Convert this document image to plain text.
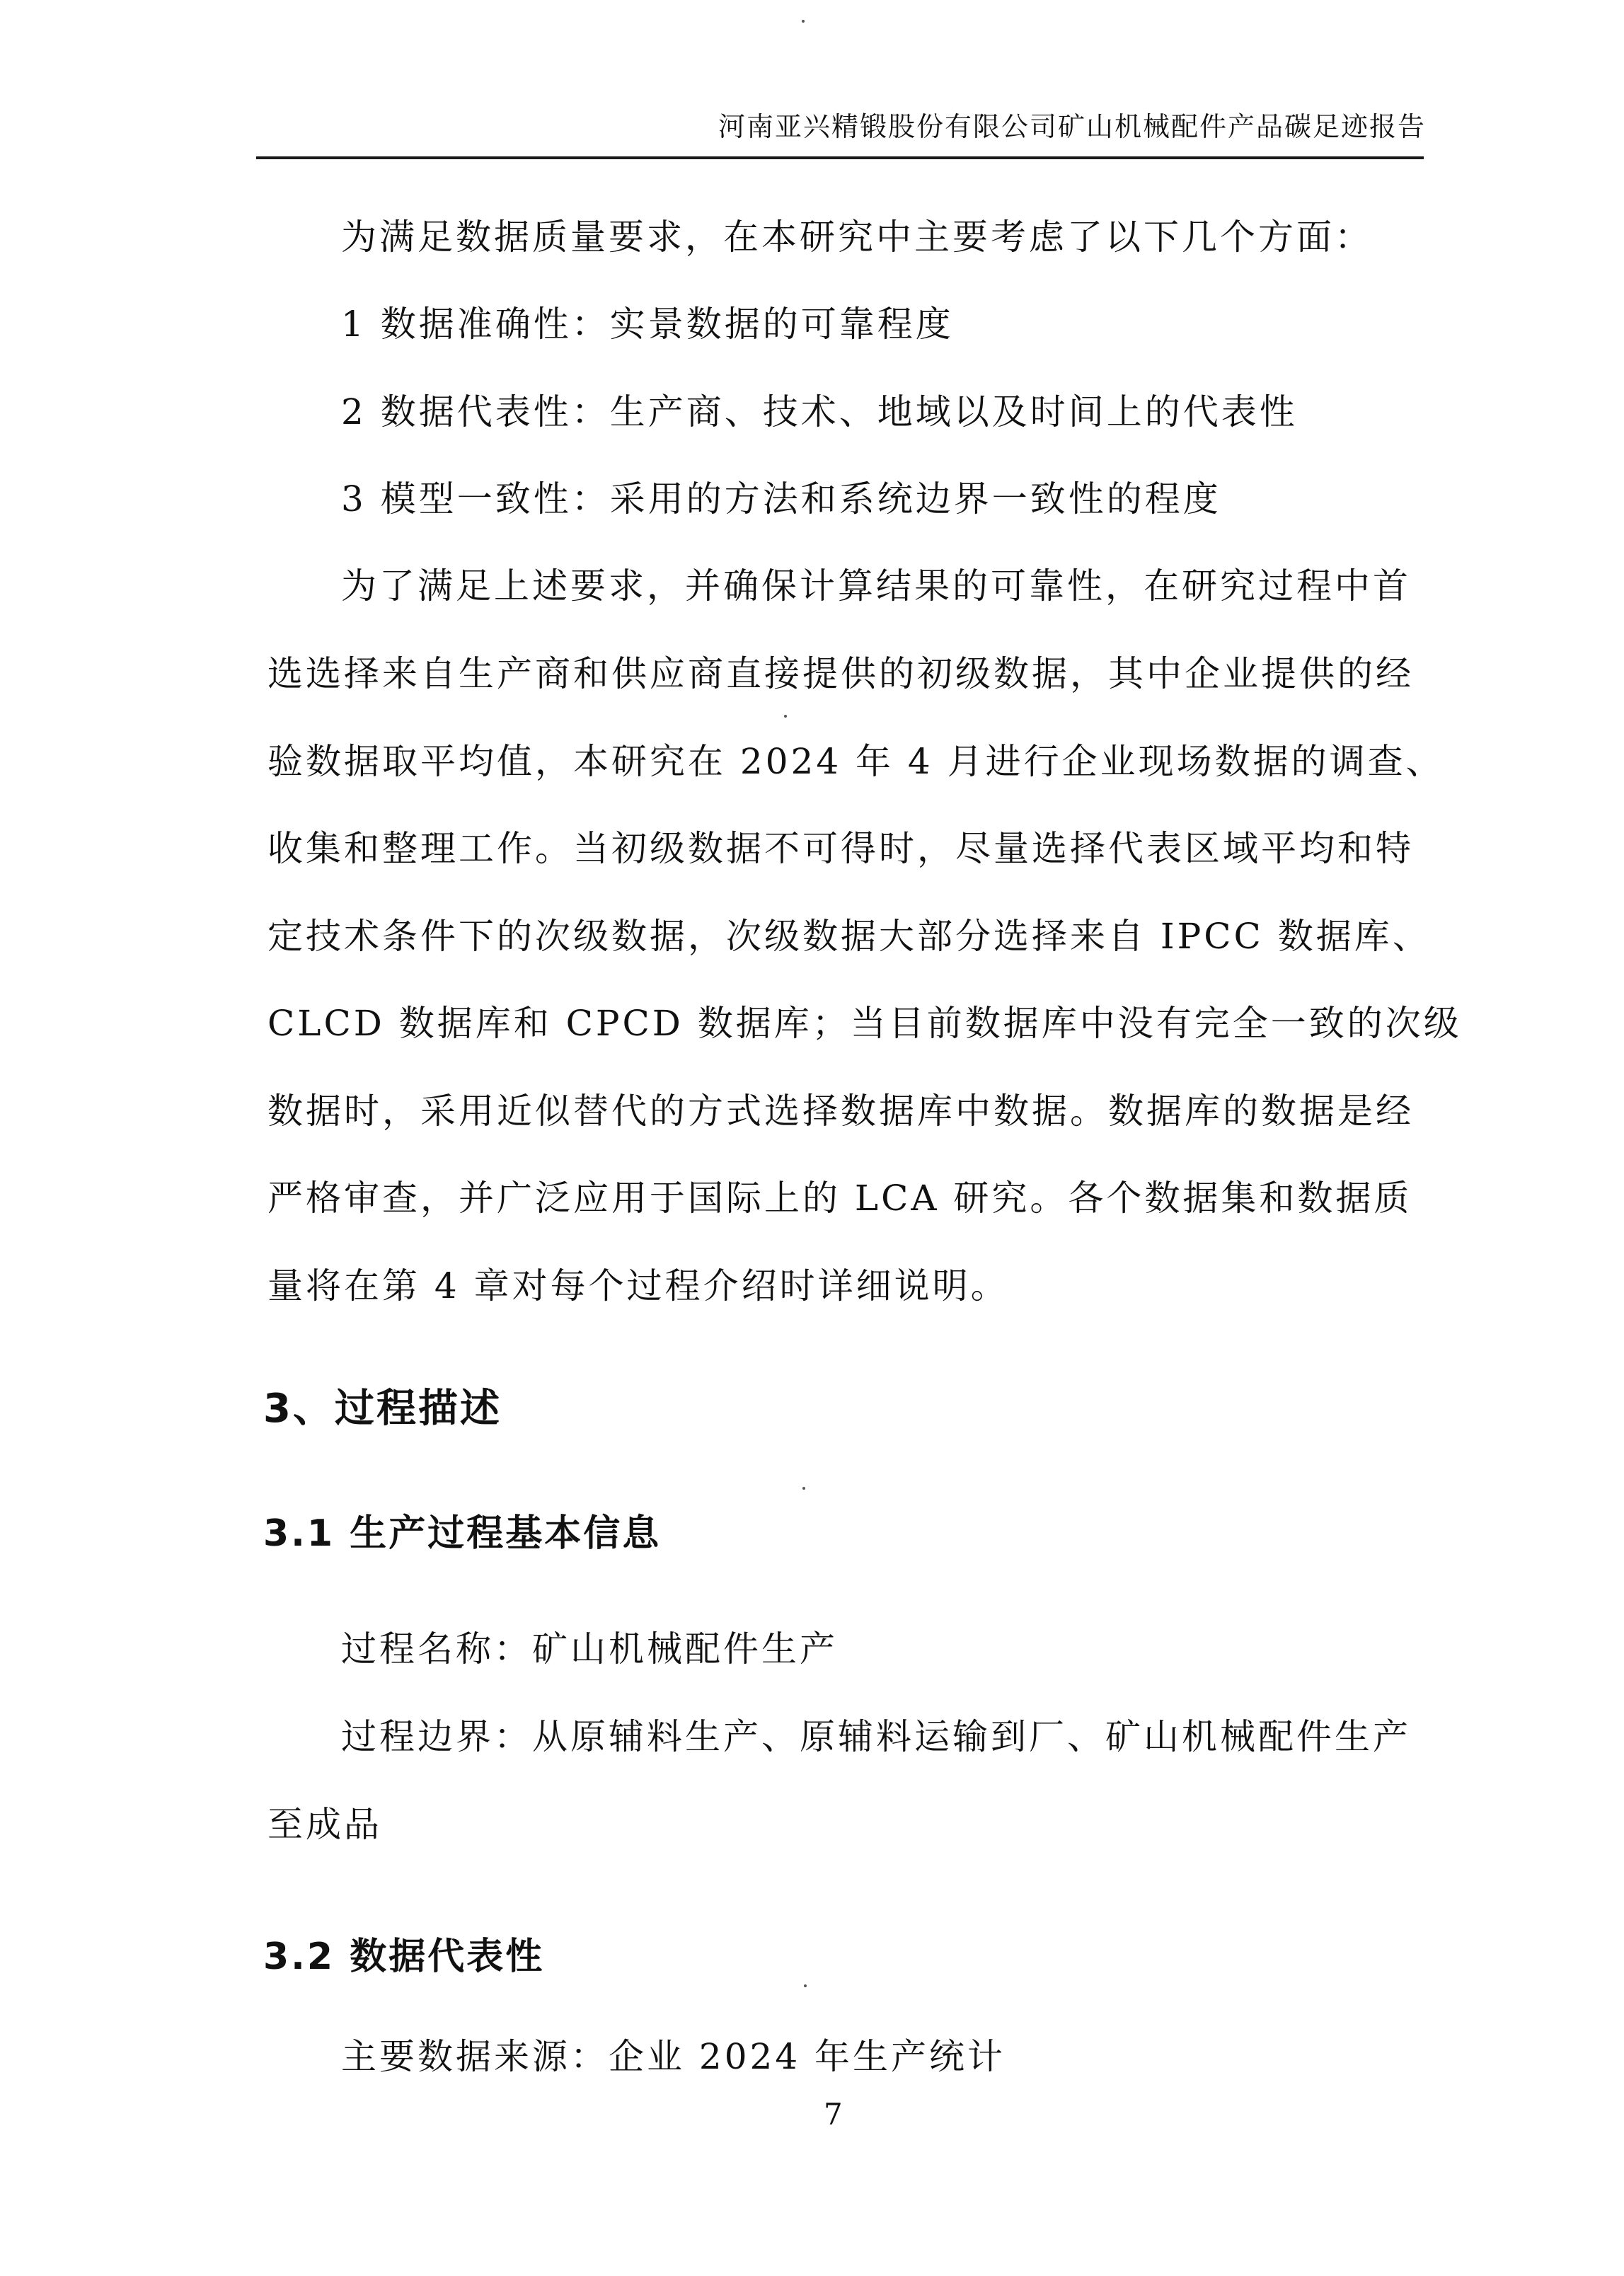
河南亚兴精锻股份有限公司矿山机械配件产品碳足迹报告
为满足数据质量要求，在本研究中主要考虑了以下几个方面：
1 数据准确性：实景数据的可靠程度
2 数据代表性：生产商、技术、地域以及时间上的代表性
3 模型一致性：采用的方法和系统边界一致性的程度
为了满足上述要求，并确保计算结果的可靠性，在研究过程中首
选选择来自生产商和供应商直接提供的初级数据，其中企业提供的经
验数据取平均值，本研究在 2024 年 4 月进行企业现场数据的调查、
收集和整理工作。当初级数据不可得时，尽量选择代表区域平均和特
定技术条件下的次级数据，次级数据大部分选择来自 IPCC 数据库、
CLCD 数据库和 CPCD 数据库；当目前数据库中没有完全一致的次级
数据时，采用近似替代的方式选择数据库中数据。数据库的数据是经
严格审查，并广泛应用于国际上的 LCA 研究。各个数据集和数据质
量将在第 4 章对每个过程介绍时详细说明。
3、过程描述
3.1 生产过程基本信息
过程名称：矿山机械配件生产
过程边界：从原辅料生产、原辅料运输到厂、矿山机械配件生产
至成品
3.2 数据代表性
主要数据来源：企业 2024 年生产统计
7
